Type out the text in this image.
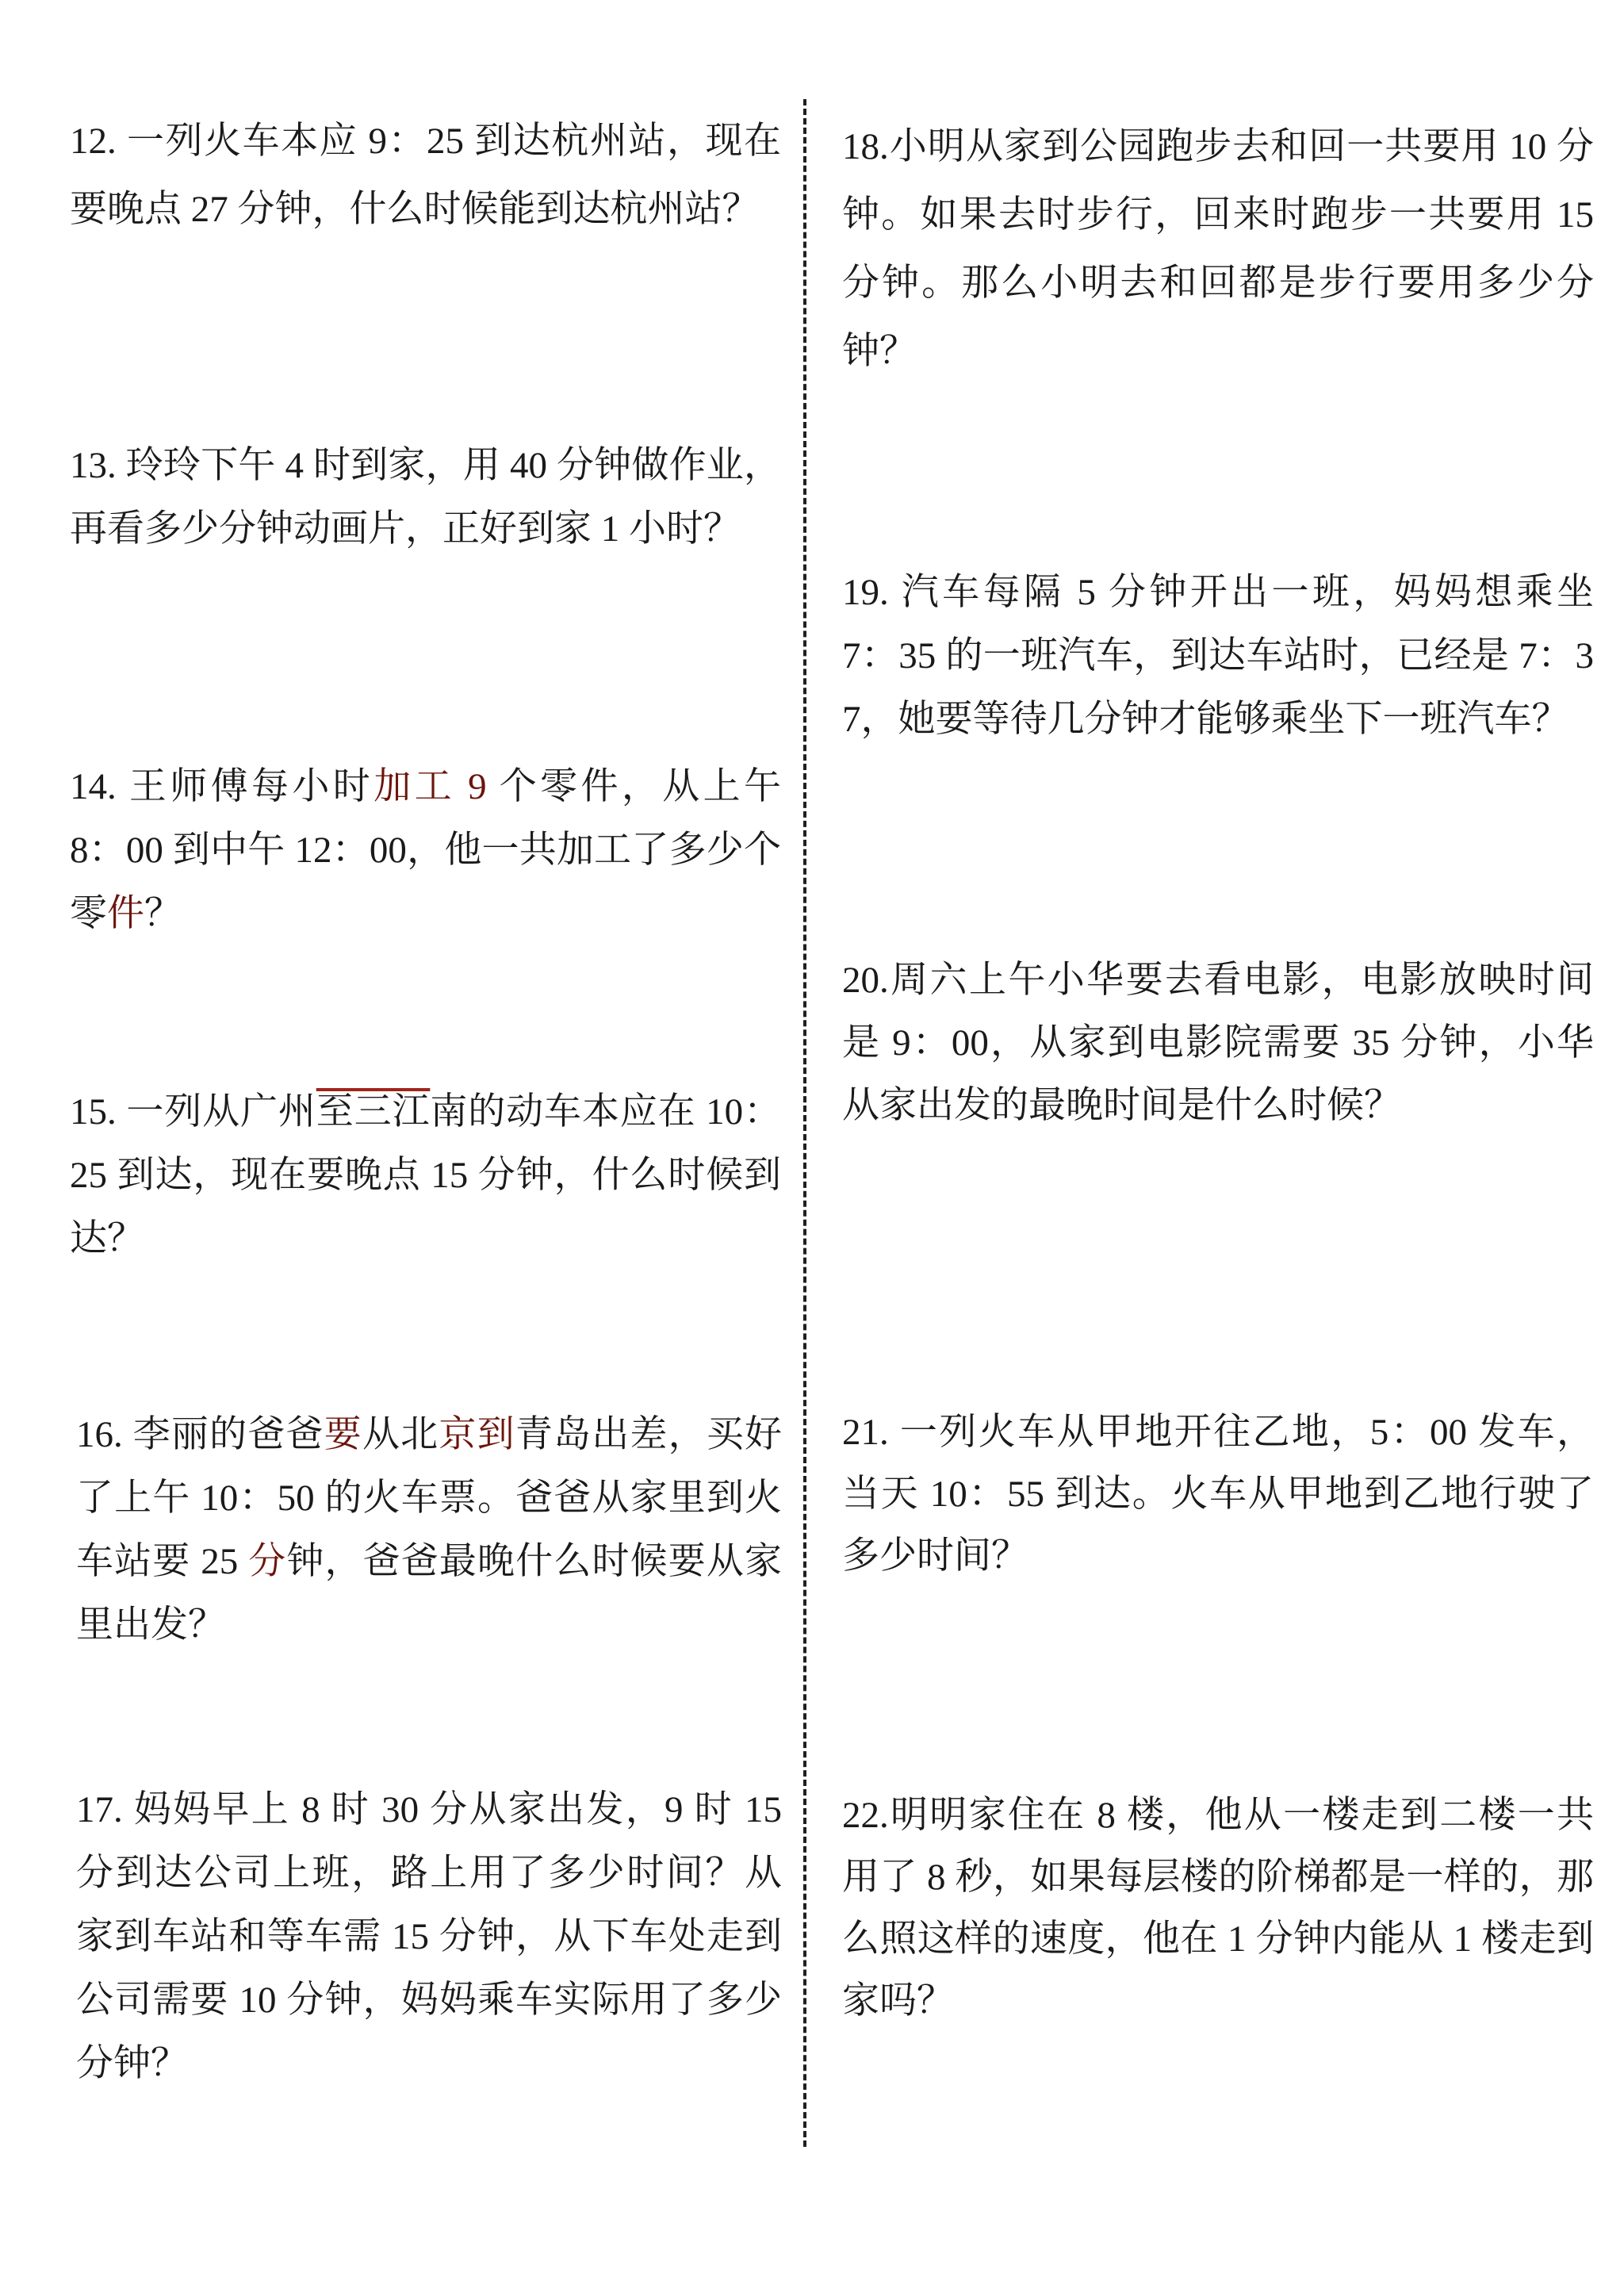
12. 一列火车本应 9：25 到达杭州站，现在要晚点 27 分钟，什么时候能到达杭州站？
13. 玲玲下午 4 时到家，用 40 分钟做作业，再看多少分钟动画片，正好到家 1 小时？
14. 王师傅每小时加工 9 个零件，从上午 8：00 到中午 12：00，他一共加工了多少个零件？
15. 一列从广州至三江南的动车本应在 10：25 到达，现在要晚点 15 分钟，什么时候到达？
16. 李丽的爸爸要从北京到青岛出差，买好了上午 10：50 的火车票。爸爸从家里到火车站要 25 分钟，爸爸最晚什么时候要从家里出发？
17. 妈妈早上 8 时 30 分从家出发，9 时 15 分到达公司上班，路上用了多少时间？从家到车站和等车需 15 分钟，从下车处走到公司需要 10 分钟，妈妈乘车实际用了多少分钟？
18.小明从家到公园跑步去和回一共要用 10 分钟。如果去时步行，回来时跑步一共要用 15 分钟。那么小明去和回都是步行要用多少分钟？
19. 汽车每隔 5 分钟开出一班，妈妈想乘坐 7：35 的一班汽车，到达车站时，已经是 7：37，她要等待几分钟才能够乘坐下一班汽车？
20.周六上午小华要去看电影，电影放映时间是 9：00，从家到电影院需要 35 分钟，小华从家出发的最晚时间是什么时候？
21. 一列火车从甲地开往乙地，5：00 发车，当天 10：55 到达。火车从甲地到乙地行驶了多少时间？
22.明明家住在 8 楼，他从一楼走到二楼一共用了 8 秒，如果每层楼的阶梯都是一样的，那么照这样的速度，他在 1 分钟内能从 1 楼走到家吗？
